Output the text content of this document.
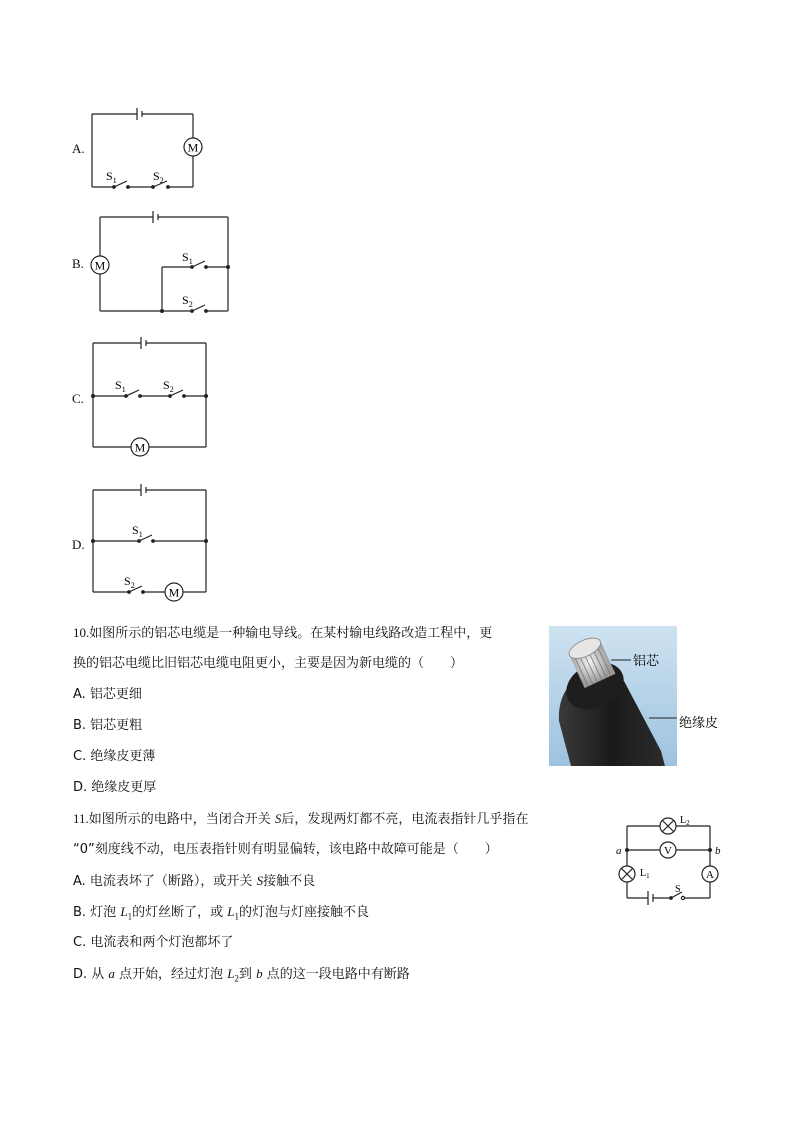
A.	M
$S_1$	$S_2$
B. M
$S_1$
$S_2$
C.
M
$S_1$	$S_2$
D.
M
$S_1$
$S_2$
10.如图所示的铝芯电缆是一种输电导线。在某村输电线路改造工程中，更
换的铝芯电缆比旧铝芯电缆电阻更小，主要是因为新电缆的（　　）
A. 铝芯更细
B. 铝芯更粗
C. 绝缘皮更薄
D. 绝缘皮更厚
铝芯
绝缘皮
11.如图所示的电路中，当闭合开关 S后，发现两灯都不亮，电流表指针几乎指在
“0”刻度线不动，电压表指针则有明显偏转，该电路中故障可能是（　　）
A. 电流表坏了（断路），或开关 S接触不良
B. 灯泡 $L_1$的灯丝断了，或 $L_1$的灯泡与灯座接触不良
C. 电流表和两个灯泡都坏了
D. 从 a 点开始，经过灯泡 $L_2$到 b 点的这一段电路中有断路
V
A
$L_2$
$L_1$
a	b
S
